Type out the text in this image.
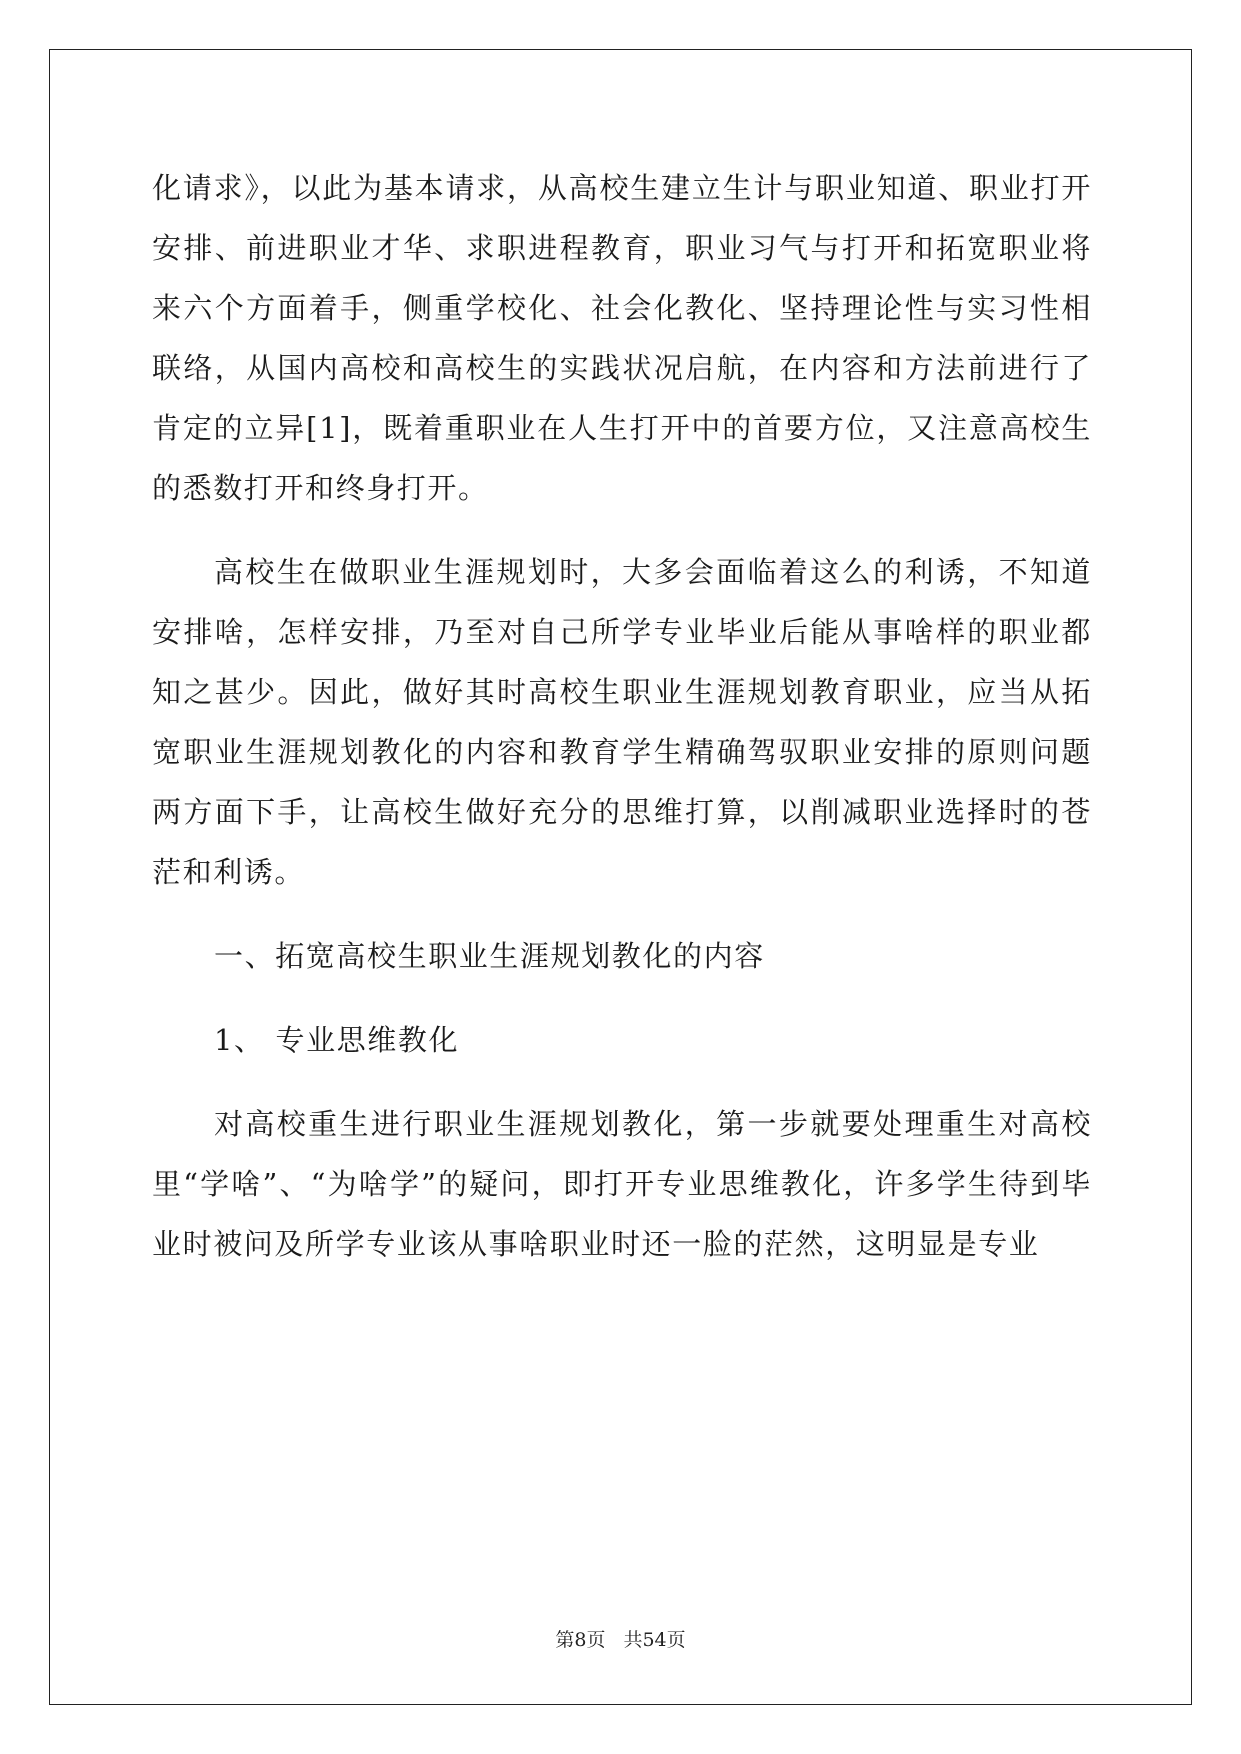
化请求》，以此为基本请求，从高校生建立生计与职业知道、职业打开安排、前进职业才华、求职进程教育，职业习气与打开和拓宽职业将来六个方面着手，侧重学校化、社会化教化、坚持理论性与实习性相联络，从国内高校和高校生的实践状况启航，在内容和方法前进行了肯定的立异[1]，既着重职业在人生打开中的首要方位，又注意高校生的悉数打开和终身打开。

高校生在做职业生涯规划时，大多会面临着这么的利诱，不知道安排啥，怎样安排，乃至对自己所学专业毕业后能从事啥样的职业都知之甚少。因此，做好其时高校生职业生涯规划教育职业，应当从拓宽职业生涯规划教化的内容和教育学生精确驾驭职业安排的原则问题两方面下手，让高校生做好充分的思维打算，以削减职业选择时的苍茫和利诱。

一、拓宽高校生职业生涯规划教化的内容

1、 专业思维教化

对高校重生进行职业生涯规划教化，第一步就要处理重生对高校里“学啥”、“为啥学”的疑问，即打开专业思维教化，许多学生待到毕业时被问及所学专业该从事啥职业时还一脸的茫然，这明显是专业

第8页 共54页
